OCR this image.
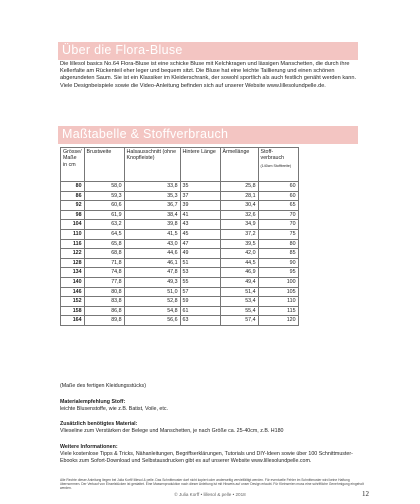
Über die Flora-Bluse

Die lillesol basics No.64 Flora-Bluse ist eine schicke Bluse mit Kelchkragen und lässigen Manschetten, die durch ihre Kellerfalte am Rückenteil eher leger und bequem sitzt. Die Bluse hat eine leichte Taillierung und einen schönen abgerundeten Saum. Sie ist ein Klassiker im Kleiderschrank, der sowohl sportlich als auch festlich genäht werden kann. Viele Designbeispiele sowie die Video-Anleitung befinden sich auf unserer Website www.lillesolundpelle.de.

Maßtabelle & Stoffverbrauch
Grösse/ Maße in cm	Brustweite	Halsausschnitt (ohne Knopfleiste)	Hintere Länge	Ärmellänge	Stoff-verbrauch
(140cm Stoffbreite)

80	58,0	33,8	35	25,8	60
86	59,3	35,3	37	28,1	60
92	60,6	36,7	39	30,4	65
98	61,9	38,4	41	32,6	70
104	63,2	39,8	43	34,9	70
110	64,5	41,5	45	37,2	75
116	65,8	43,0	47	39,5	80
122	68,8	44,6	49	42,0	85
128	71,8	46,1	51	44,5	90
134	74,8	47,8	53	46,9	95
140	77,8	49,3	55	49,4	100
146	80,8	51,0	57	51,4	105
152	83,8	52,8	59	53,4	110
158	86,8	54,8	61	55,4	115
164	89,8	56,6	63	57,4	120
(Maße des fertigen Kleidungsstücks)
Materialempfehlung Stoff:
leichte Blusenstoffe, wie z.B. Batist, Voile, etc.
Zusätzlich benötigtes Material:
Vlieseline zum Verstärken der Belege und Manschetten, je nach Größe ca. 25-40cm, z.B. H180
Weitere Informationen:
Viele kostenlose Tipps & Tricks, Nähanleitungen, Begriffserklärungen, Tutorials und DIY-Ideen sowie über 100 Schnittmuster-Ebooks zum Sofort-Download und Selbstausdrucken gibt es auf unserer Website www.lillesolundpelle.com.
Alle Rechte dieser Anleitung liegen bei Julia Korff/ lillesol & pelle. Das Schnittmuster darf nicht kopiert oder anderweitig vervielfältigt werden. Für eventuelle Fehler im Schnittmuster wird keine Haftung übernommen. Der Verkauf von Einzelstücken ist gestattet. Eine Massenproduktion nach dieser Anleitung ist mit Hinweis auf unser Design erlaubt. Für Kleinserien muss eine schriftliche Genehmigung eingeholt werden.
© Julia Korff • lillesol & pelle • 2018	12
